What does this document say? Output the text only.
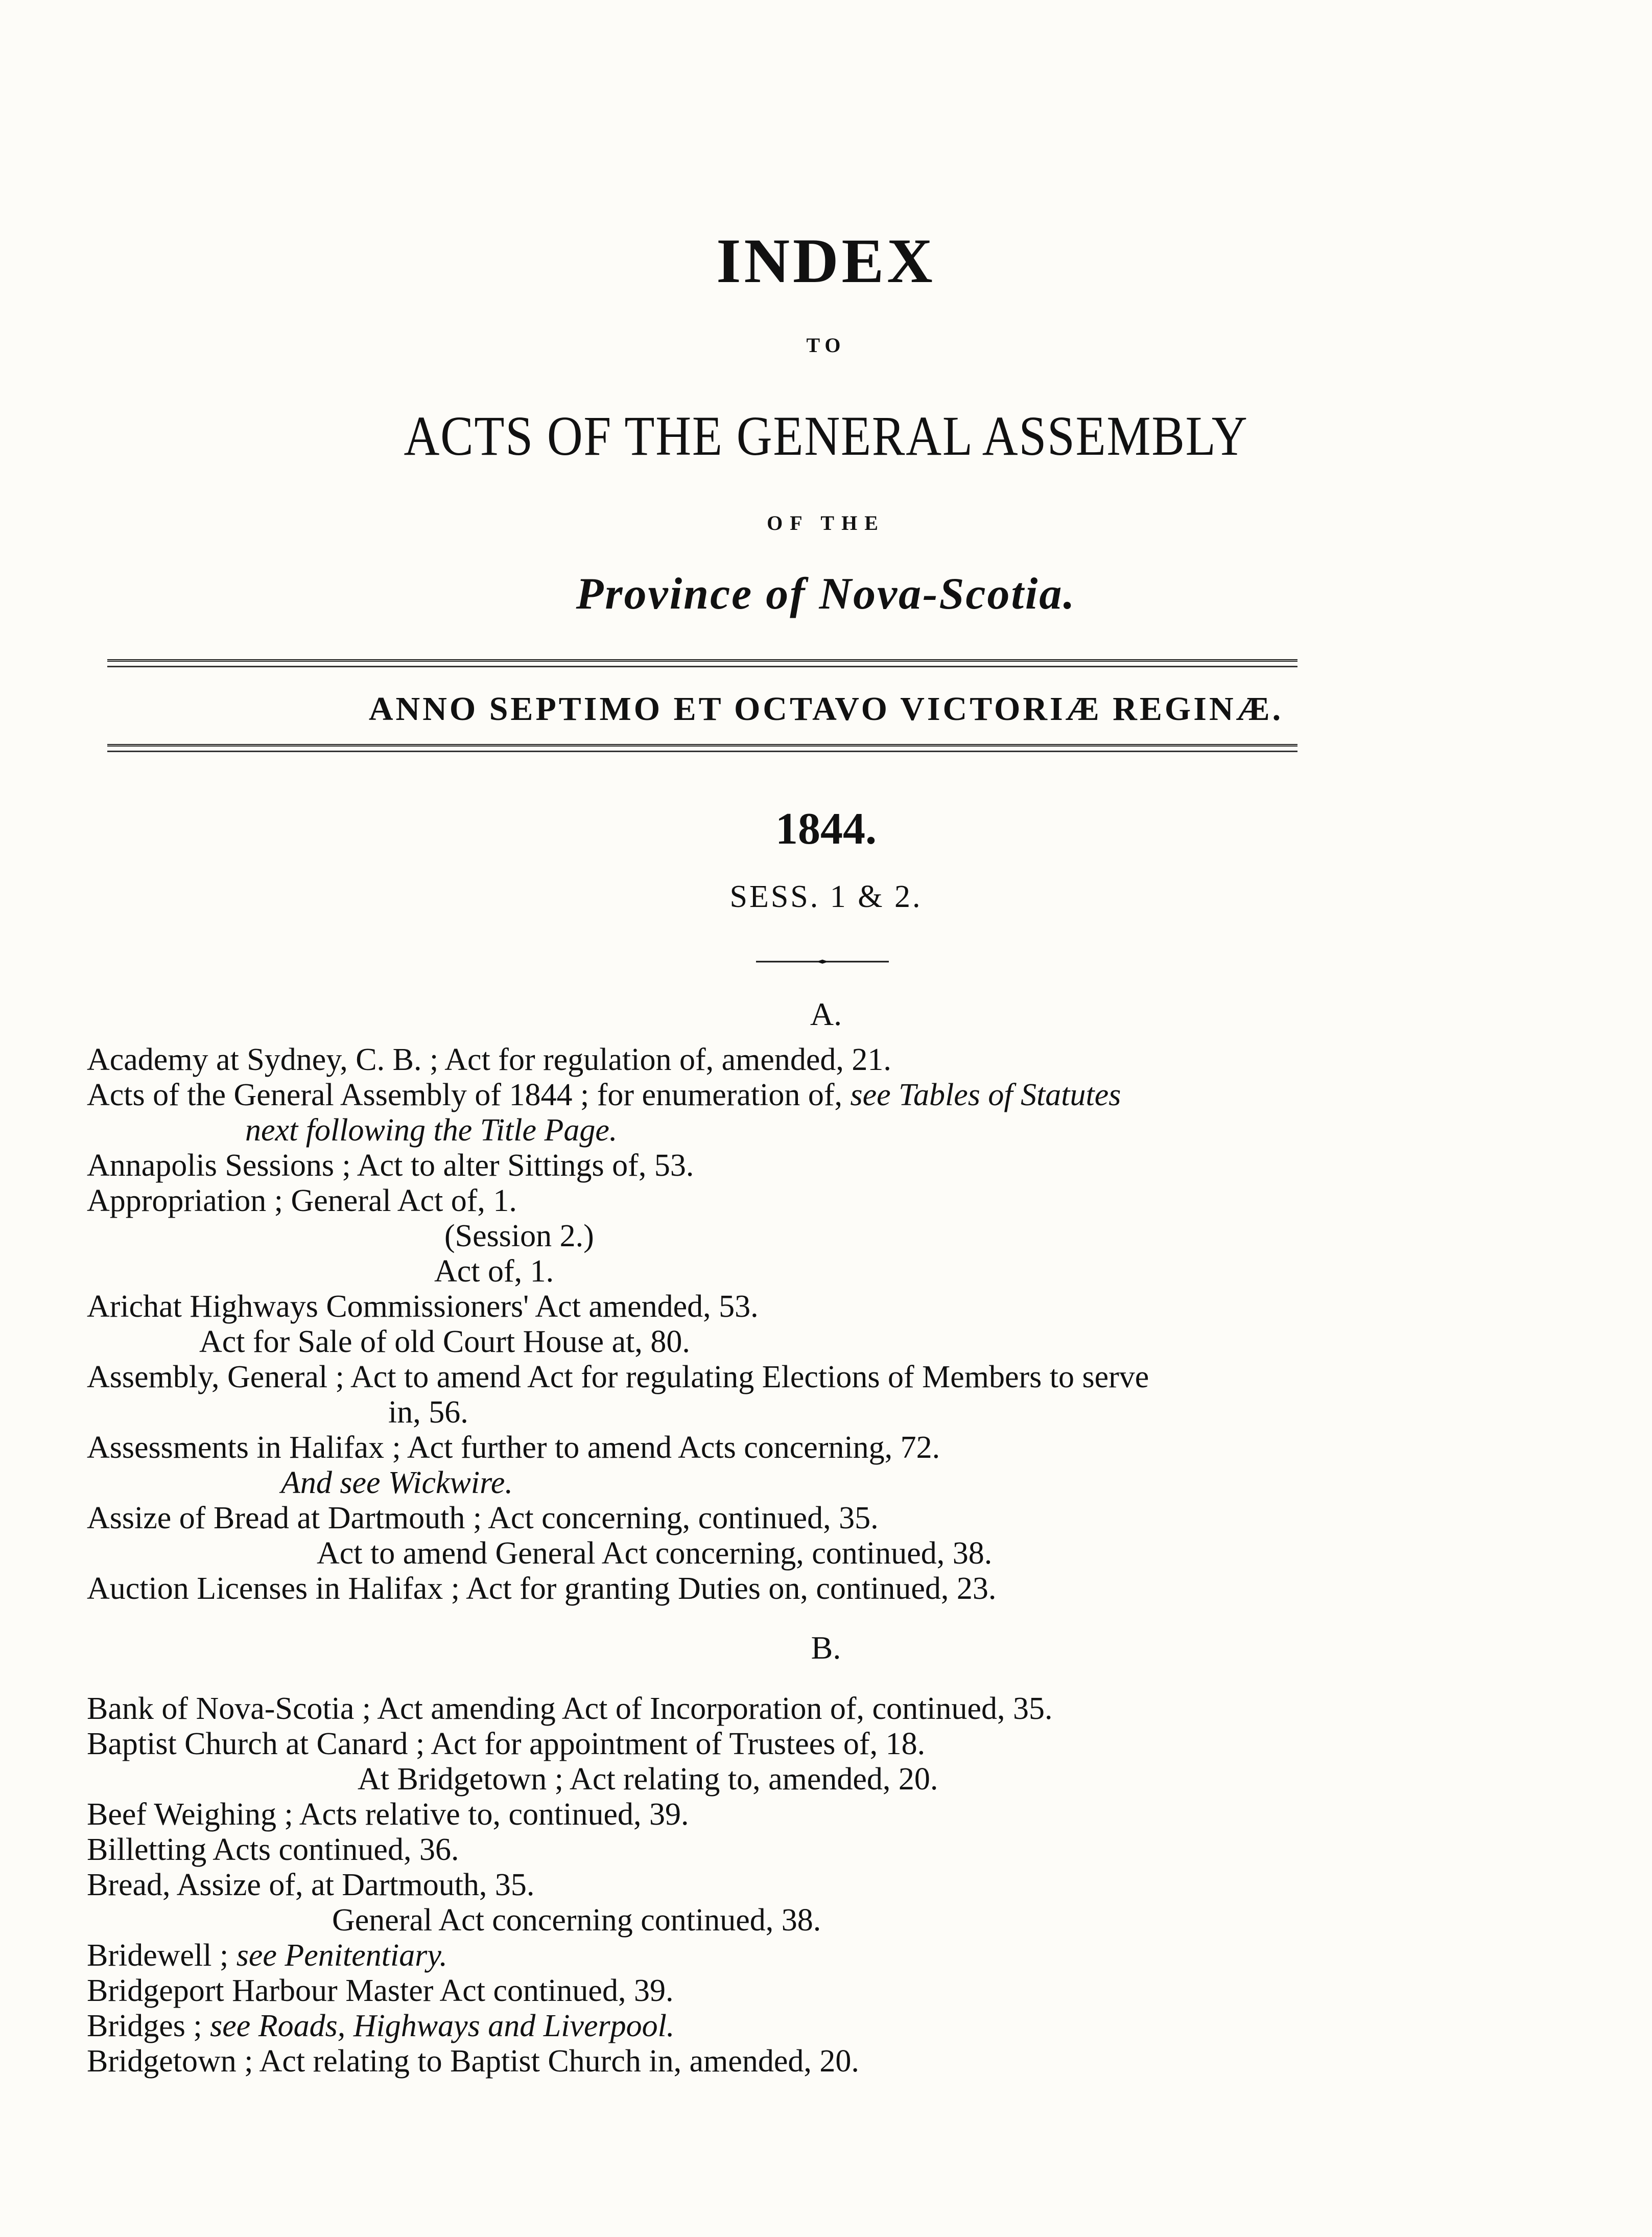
INDEX
TO
ACTS OF THE GENERAL ASSEMBLY
OF THE
Province of Nova-Scotia.
ANNO SEPTIMO ET OCTAVO VICTORIÆ REGINÆ.
1844.
SESS. 1 & 2.
A.
Academy at Sydney, C. B. ; Act for regulation of, amended, 21.
Acts of the General Assembly of 1844 ; for enumeration of, see Tables of Statutes
next following the Title Page.
Annapolis Sessions ; Act to alter Sittings of, 53.
Appropriation ; General Act of, 1.
(Session 2.)
Act of, 1.
Arichat Highways Commissioners' Act amended, 53.
Act for Sale of old Court House at, 80.
Assembly, General ; Act to amend Act for regulating Elections of Members to serve
in, 56.
Assessments in Halifax ; Act further to amend Acts concerning, 72.
And see Wickwire.
Assize of Bread at Dartmouth ; Act concerning, continued, 35.
Act to amend General Act concerning, continued, 38.
Auction Licenses in Halifax ; Act for granting Duties on, continued, 23.
B.
Bank of Nova-Scotia ; Act amending Act of Incorporation of, continued, 35.
Baptist Church at Canard ; Act for appointment of Trustees of, 18.
At Bridgetown ; Act relating to, amended, 20.
Beef Weighing ; Acts relative to, continued, 39.
Billetting Acts continued, 36.
Bread, Assize of, at Dartmouth, 35.
General Act concerning continued, 38.
Bridewell ; see Penitentiary.
Bridgeport Harbour Master Act continued, 39.
Bridges ; see Roads, Highways and Liverpool.
Bridgetown ; Act relating to Baptist Church in, amended, 20.
